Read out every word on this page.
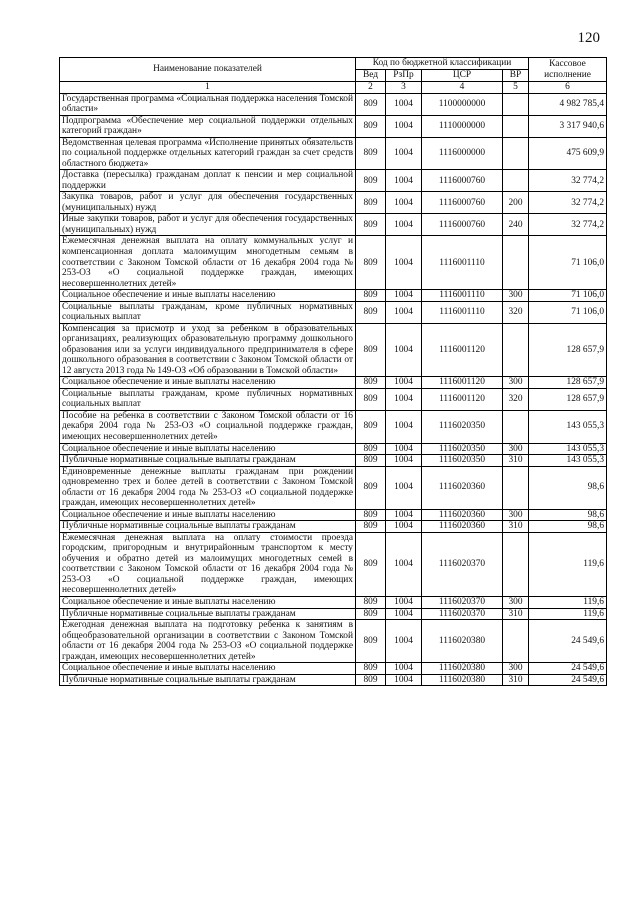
120
Наименование показателей	Код по бюджетной классификации				Кассовое исполнение
	Вед	РзПр	ЦСР	ВР	
1	2	3	4	5	6
Государственная программа «Социальная поддержка населения Томской области»	809	1004	1100000000		4 982 785,4
Подпрограмма «Обеспечение мер социальной поддержки отдельных категорий граждан»	809	1004	1110000000		3 317 940,6
Ведомственная целевая программа «Исполнение принятых обязательств по социальной поддержке отдельных категорий граждан за счет средств областного бюджета»	809	1004	1116000000		475 609,9
Доставка (пересылка) гражданам доплат к пенсии и мер социальной поддержки	809	1004	1116000760		32 774,2
Закупка товаров, работ и услуг для обеспечения государственных (муниципальных) нужд	809	1004	1116000760	200	32 774,2
Иные закупки товаров, работ и услуг для обеспечения государственных (муниципальных) нужд	809	1004	1116000760	240	32 774,2
Ежемесячная денежная выплата на оплату коммунальных услуг и компенсационная доплата малоимущим многодетным семьям в соответствии с Законом Томской области от 16 декабря 2004 года № 253-ОЗ «О социальной поддержке граждан, имеющих несовершеннолетних детей»	809	1004	1116001110		71 106,0
Социальное обеспечение и иные выплаты населению	809	1004	1116001110	300	71 106,0
Социальные выплаты гражданам, кроме публичных нормативных социальных выплат	809	1004	1116001110	320	71 106,0
Компенсация за присмотр и уход за ребенком в образовательных организациях, реализующих образовательную программу дошкольного образования или за услуги индивидуального предпринимателя в сфере дошкольного образования в соответствии с Законом Томской области от 12 августа 2013 года № 149-ОЗ «Об образовании в Томской области»	809	1004	1116001120		128 657,9
Социальное обеспечение и иные выплаты населению	809	1004	1116001120	300	128 657,9
Социальные выплаты гражданам, кроме публичных нормативных социальных выплат	809	1004	1116001120	320	128 657,9
Пособие на ребенка в соответствии с Законом Томской области от 16 декабря 2004 года № 253-ОЗ «О социальной поддержке граждан, имеющих несовершеннолетних детей»	809	1004	1116020350		143 055,3
Социальное обеспечение и иные выплаты населению	809	1004	1116020350	300	143 055,3
Публичные нормативные социальные выплаты гражданам	809	1004	1116020350	310	143 055,3
Единовременные денежные выплаты гражданам при рождении одновременно трех и более детей в соответствии с Законом Томской области от 16 декабря 2004 года № 253-ОЗ «О социальной поддержке граждан, имеющих несовершеннолетних детей»	809	1004	1116020360		98,6
Социальное обеспечение и иные выплаты населению	809	1004	1116020360	300	98,6
Публичные нормативные социальные выплаты гражданам	809	1004	1116020360	310	98,6
Ежемесячная денежная выплата на оплату стоимости проезда городским, пригородным и внутрирайонным транспортом к месту обучения и обратно детей из малоимущих многодетных семей в соответствии с Законом Томской области от 16 декабря 2004 года № 253-ОЗ «О социальной поддержке граждан, имеющих несовершеннолетних детей»	809	1004	1116020370		119,6
Социальное обеспечение и иные выплаты населению	809	1004	1116020370	300	119,6
Публичные нормативные социальные выплаты гражданам	809	1004	1116020370	310	119,6
Ежегодная денежная выплата на подготовку ребенка к занятиям в общеобразовательной организации в соответствии с Законом Томской области от 16 декабря 2004 года № 253-ОЗ «О социальной поддержке граждан, имеющих несовершеннолетних детей»	809	1004	1116020380		24 549,6
Социальное обеспечение и иные выплаты населению	809	1004	1116020380	300	24 549,6
Публичные нормативные социальные выплаты гражданам	809	1004	1116020380	310	24 549,6
